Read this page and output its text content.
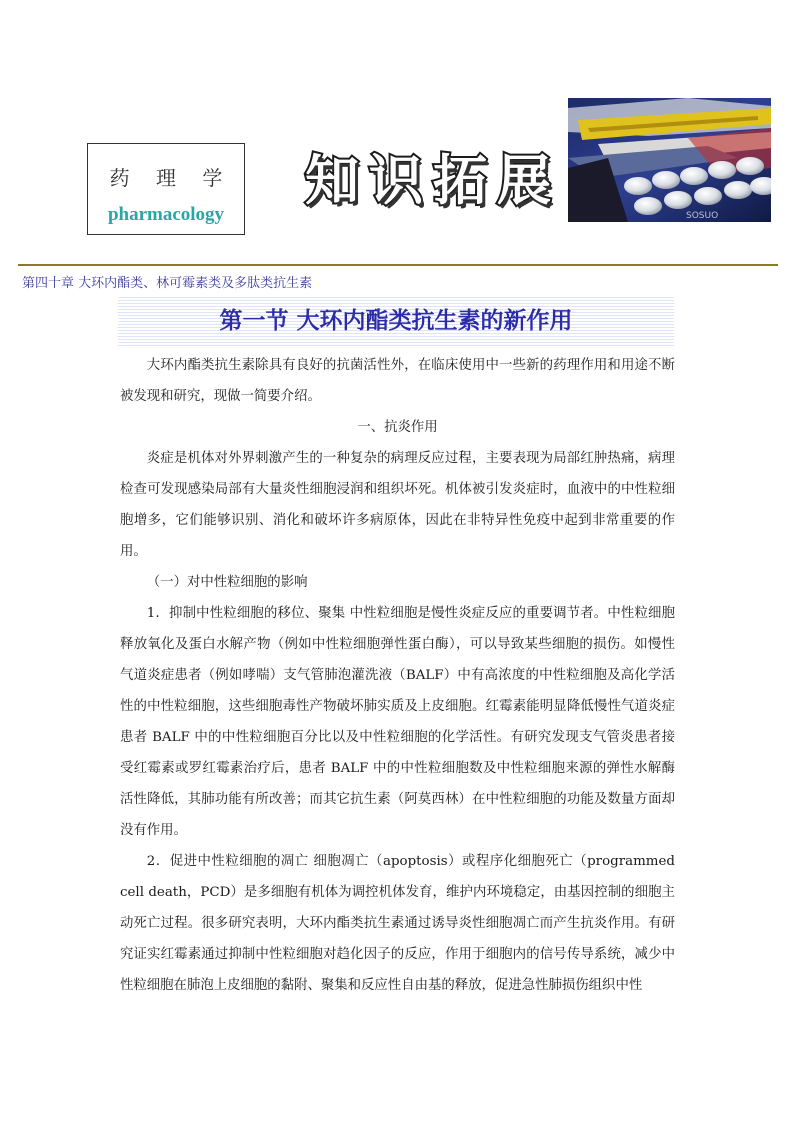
药 理 学
pharmacology
知识拓展
SOSUO
第四十章 大环内酯类、林可霉素类及多肽类抗生素
第一节 大环内酯类抗生素的新作用

大环内酯类抗生素除具有良好的抗菌活性外，在临床使用中一些新的药理作用和用途不断被发现和研究，现做一简要介绍。

一、抗炎作用

炎症是机体对外界刺激产生的一种复杂的病理反应过程，主要表现为局部红肿热痛，病理检查可发现感染局部有大量炎性细胞浸润和组织坏死。机体被引发炎症时，血液中的中性粒细胞增多，它们能够识别、消化和破坏许多病原体，因此在非特异性免疫中起到非常重要的作用。

（一）对中性粒细胞的影响

1．抑制中性粒细胞的移位、聚集 中性粒细胞是慢性炎症反应的重要调节者。中性粒细胞释放氧化及蛋白水解产物（例如中性粒细胞弹性蛋白酶），可以导致某些细胞的损伤。如慢性气道炎症患者（例如哮喘）支气管肺泡灌洗液（BALF）中有高浓度的中性粒细胞及高化学活性的中性粒细胞，这些细胞毒性产物破坏肺实质及上皮细胞。红霉素能明显降低慢性气道炎症患者 BALF 中的中性粒细胞百分比以及中性粒细胞的化学活性。有研究发现支气管炎患者接受红霉素或罗红霉素治疗后，患者 BALF 中的中性粒细胞数及中性粒细胞来源的弹性水解酶活性降低，其肺功能有所改善；而其它抗生素（阿莫西林）在中性粒细胞的功能及数量方面却没有作用。

2．促进中性粒细胞的凋亡 细胞凋亡（apoptosis）或程序化细胞死亡（programmed cell death，PCD）是多细胞有机体为调控机体发育，维护内环境稳定，由基因控制的细胞主动死亡过程。很多研究表明，大环内酯类抗生素通过诱导炎性细胞凋亡而产生抗炎作用。有研究证实红霉素通过抑制中性粒细胞对趋化因子的反应，作用于细胞内的信号传导系统，减少中性粒细胞在肺泡上皮细胞的黏附、聚集和反应性自由基的释放，促进急性肺损伤组织中性
